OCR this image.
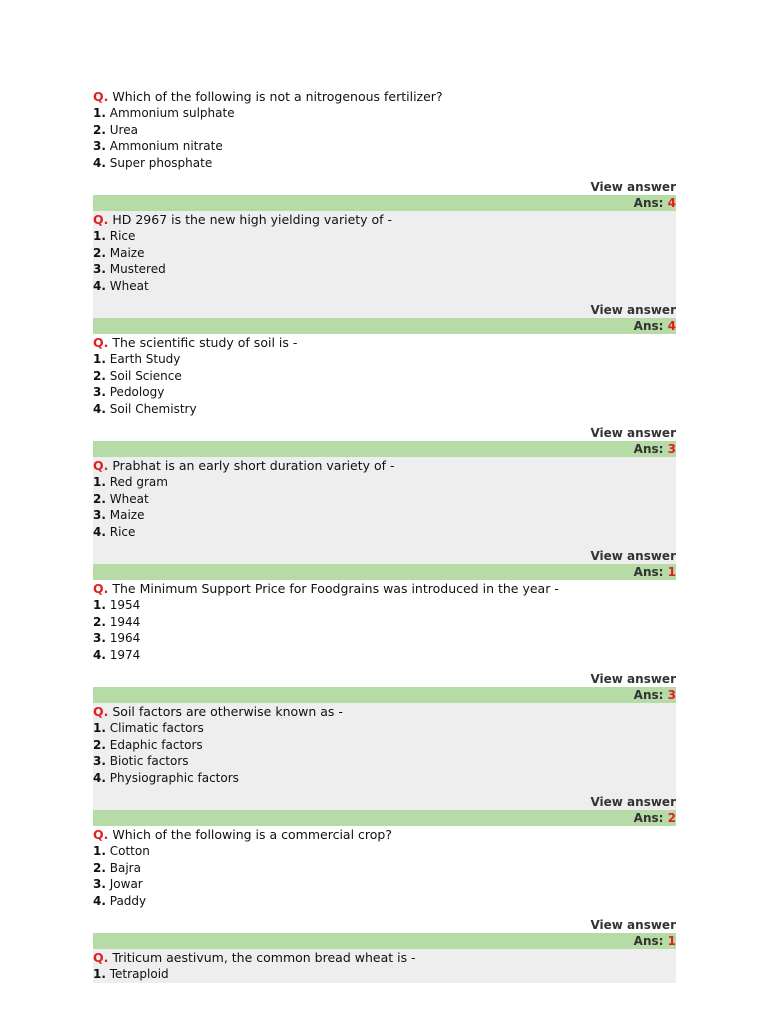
Q. Which of the following is not a nitrogenous fertilizer?
1. Ammonium sulphate
2. Urea
3. Ammonium nitrate
4. Super phosphate
View answer
Ans: 4
Q. HD 2967 is the new high yielding variety of -
1. Rice
2. Maize
3. Mustered
4. Wheat
View answer
Ans: 4
Q. The scientific study of soil is -
1. Earth Study
2. Soil Science
3. Pedology
4. Soil Chemistry
View answer
Ans: 3
Q. Prabhat is an early short duration variety of -
1. Red gram
2. Wheat
3. Maize
4. Rice
View answer
Ans: 1
Q. The Minimum Support Price for Foodgrains was introduced in the year -
1. 1954
2. 1944
3. 1964
4. 1974
View answer
Ans: 3
Q. Soil factors are otherwise known as -
1. Climatic factors
2. Edaphic factors
3. Biotic factors
4. Physiographic factors
View answer
Ans: 2
Q. Which of the following is a commercial crop?
1. Cotton
2. Bajra
3. Jowar
4. Paddy
View answer
Ans: 1
Q. Triticum aestivum, the common bread wheat is -
1. Tetraploid
